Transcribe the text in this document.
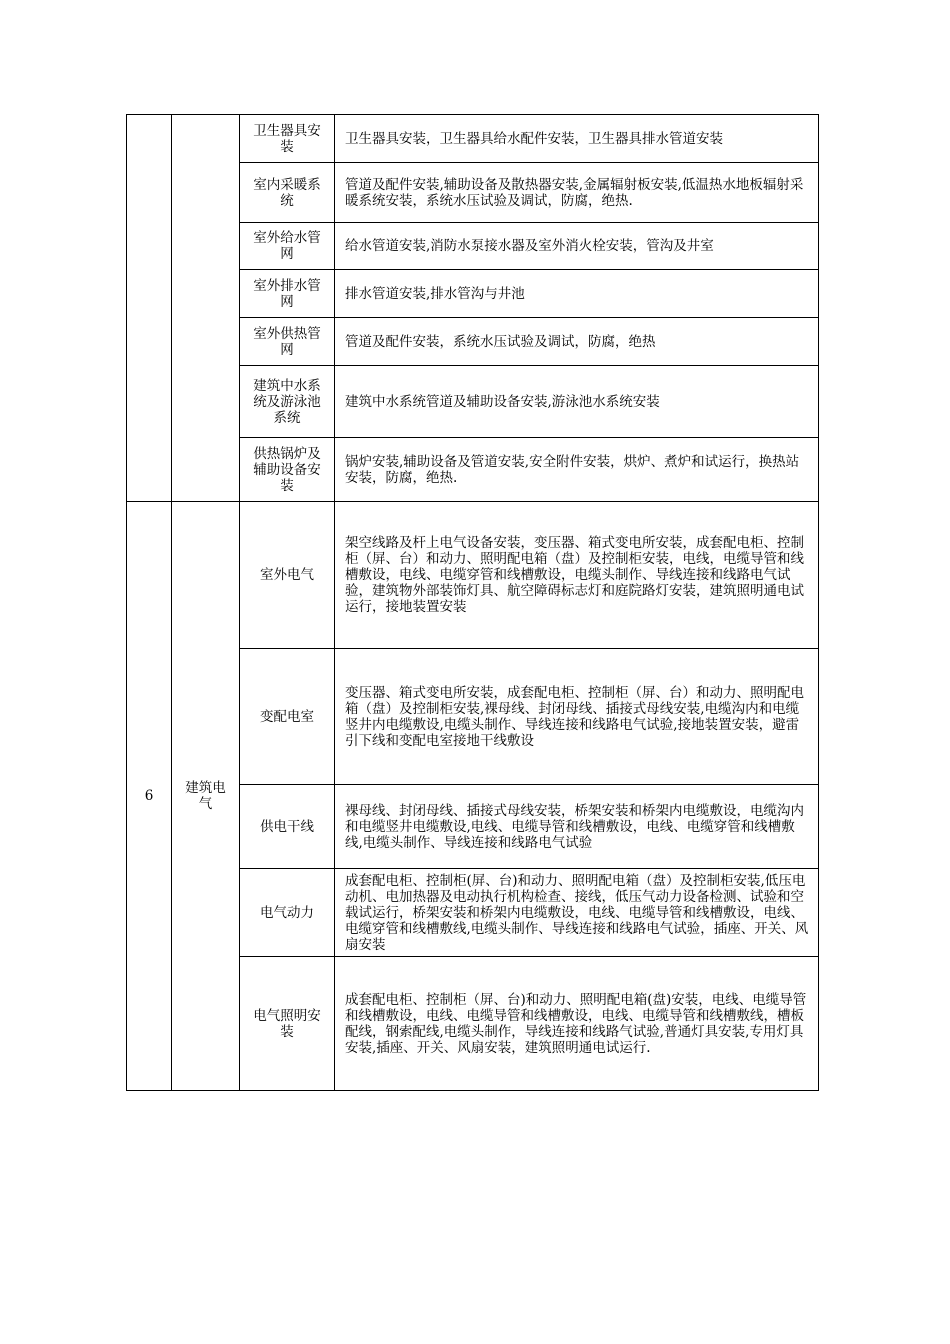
		卫生器具安装	卫生器具安装，卫生器具给水配件安装，卫生器具排水管道安装
		室内采暖系统	管道及配件安装,辅助设备及散热器安装,金属辐射板安装,低温热水地板辐射采暖系统安装，系统水压试验及调试，防腐，绝热.
		室外给水管网	给水管道安装,消防水泵接水器及室外消火栓安装，管沟及井室
		室外排水管网	排水管道安装,排水管沟与井池
		室外供热管网	管道及配件安装，系统水压试验及调试，防腐，绝热
		建筑中水系统及游泳池系统	建筑中水系统管道及辅助设备安装,游泳池水系统安装
		供热锅炉及辅助设备安装	锅炉安装,辅助设备及管道安装,安全附件安装，烘炉、煮炉和试运行，换热站安装，防腐，绝热.
6	建筑电气	室外电气	架空线路及杆上电气设备安装，变压器、箱式变电所安装，成套配电柜、控制柜（屏、台）和动力、照明配电箱（盘）及控制柜安装，电线，电缆导管和线槽敷设，电线、电缆穿管和线槽敷设，电缆头制作、导线连接和线路电气试验，建筑物外部装饰灯具、航空障碍标志灯和庭院路灯安装，建筑照明通电试运行，接地装置安装
		变配电室	变压器、箱式变电所安装，成套配电柜、控制柜（屏、台）和动力、照明配电箱（盘）及控制柜安装,裸母线、封闭母线、插接式母线安装,电缆沟内和电缆竖井内电缆敷设,电缆头制作、导线连接和线路电气试验,接地装置安装，避雷引下线和变配电室接地干线敷设
		供电干线	裸母线、封闭母线、插接式母线安装，桥架安装和桥架内电缆敷设，电缆沟内和电缆竖井电缆敷设,电线、电缆导管和线槽敷设，电线、电缆穿管和线槽敷线,电缆头制作、导线连接和线路电气试验
		电气动力	成套配电柜、控制柜(屏、台)和动力、照明配电箱（盘）及控制柜安装,低压电动机、电加热器及电动执行机构检查、接线，低压气动力设备检测、试验和空载试运行，桥架安装和桥架内电缆敷设，电线、电缆导管和线槽敷设，电线、电缆穿管和线槽敷线,电缆头制作、导线连接和线路电气试验，插座、开关、风扇安装
		电气照明安装	成套配电柜、控制柜（屏、台)和动力、照明配电箱(盘)安装，电线、电缆导管和线槽敷设，电线、电缆导管和线槽敷设，电线、电缆导管和线槽敷线，槽板配线，钢索配线,电缆头制作，导线连接和线路气试验,普通灯具安装,专用灯具安装,插座、开关、风扇安装，建筑照明通电试运行.
